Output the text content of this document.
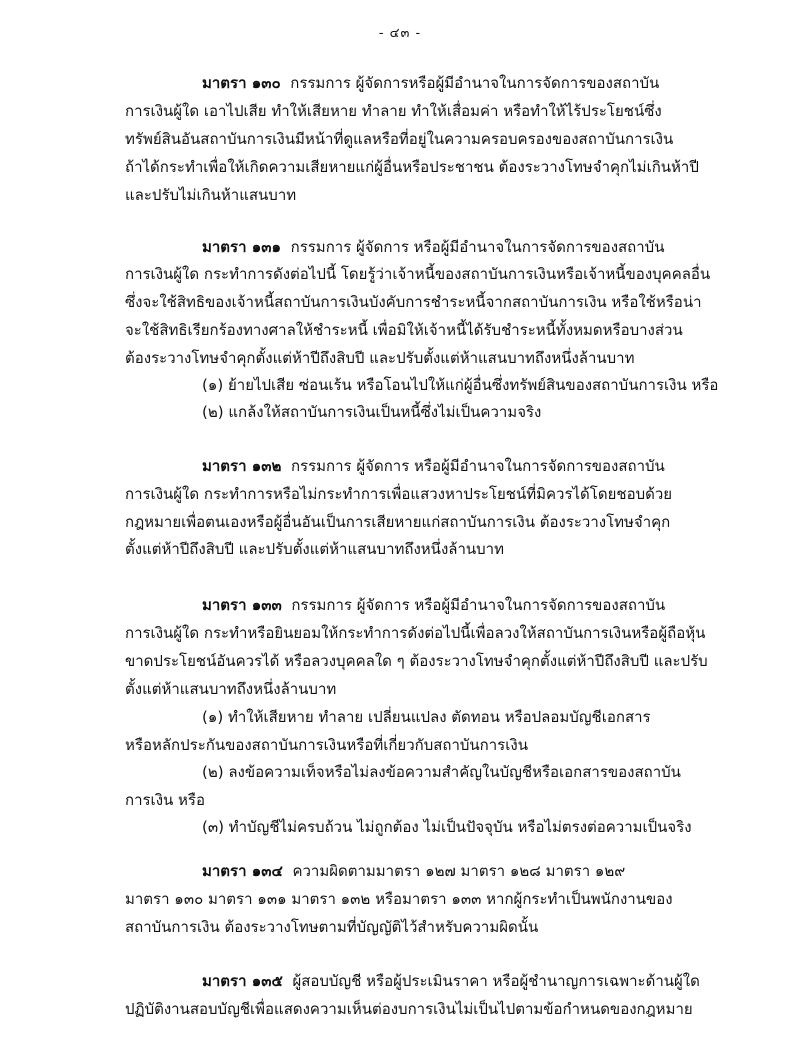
- ๔๓ -
มาตรา ๑๓๐ กรรมการ ผู้จัดการหรือผู้มีอำนาจในการจัดการของสถาบัน
การเงินผู้ใด เอาไปเสีย ทำให้เสียหาย ทำลาย ทำให้เสื่อมค่า หรือทำให้ไร้ประโยชน์ซึ่ง
ทรัพย์สินอันสถาบันการเงินมีหน้าที่ดูแลหรือที่อยู่ในความครอบครองของสถาบันการเงิน
ถ้าได้กระทำเพื่อให้เกิดความเสียหายแก่ผู้อื่นหรือประชาชน ต้องระวางโทษจำคุกไม่เกินห้าปี
และปรับไม่เกินห้าแสนบาท
มาตรา ๑๓๑ กรรมการ ผู้จัดการ หรือผู้มีอำนาจในการจัดการของสถาบัน
การเงินผู้ใด กระทำการดังต่อไปนี้ โดยรู้ว่าเจ้าหนี้ของสถาบันการเงินหรือเจ้าหนี้ของบุคคลอื่น
ซึ่งจะใช้สิทธิของเจ้าหนี้สถาบันการเงินบังคับการชำระหนี้จากสถาบันการเงิน หรือใช้หรือน่า
จะใช้สิทธิเรียกร้องทางศาลให้ชำระหนี้ เพื่อมิให้เจ้าหนี้ได้รับชำระหนี้ทั้งหมดหรือบางส่วน
ต้องระวางโทษจำคุกตั้งแต่ห้าปีถึงสิบปี และปรับตั้งแต่ห้าแสนบาทถึงหนึ่งล้านบาท
(๑) ย้ายไปเสีย ซ่อนเร้น หรือโอนไปให้แก่ผู้อื่นซึ่งทรัพย์สินของสถาบันการเงิน หรือ
(๒) แกล้งให้สถาบันการเงินเป็นหนี้ซึ่งไม่เป็นความจริง
มาตรา ๑๓๒ กรรมการ ผู้จัดการ หรือผู้มีอำนาจในการจัดการของสถาบัน
การเงินผู้ใด กระทำการหรือไม่กระทำการเพื่อแสวงหาประโยชน์ที่มิควรได้โดยชอบด้วย
กฎหมายเพื่อตนเองหรือผู้อื่นอันเป็นการเสียหายแก่สถาบันการเงิน ต้องระวางโทษจำคุก
ตั้งแต่ห้าปีถึงสิบปี และปรับตั้งแต่ห้าแสนบาทถึงหนึ่งล้านบาท
มาตรา ๑๓๓ กรรมการ ผู้จัดการ หรือผู้มีอำนาจในการจัดการของสถาบัน
การเงินผู้ใด กระทำหรือยินยอมให้กระทำการดังต่อไปนี้เพื่อลวงให้สถาบันการเงินหรือผู้ถือหุ้น
ขาดประโยชน์อันควรได้ หรือลวงบุคคลใด ๆ ต้องระวางโทษจำคุกตั้งแต่ห้าปีถึงสิบปี และปรับ
ตั้งแต่ห้าแสนบาทถึงหนึ่งล้านบาท
(๑) ทำให้เสียหาย ทำลาย เปลี่ยนแปลง ตัดทอน หรือปลอมบัญชีเอกสาร
หรือหลักประกันของสถาบันการเงินหรือที่เกี่ยวกับสถาบันการเงิน
(๒) ลงข้อความเท็จหรือไม่ลงข้อความสำคัญในบัญชีหรือเอกสารของสถาบัน
การเงิน หรือ
(๓) ทำบัญชีไม่ครบถ้วน ไม่ถูกต้อง ไม่เป็นปัจจุบัน หรือไม่ตรงต่อความเป็นจริง
มาตรา ๑๓๔ ความผิดตามมาตรา ๑๒๗ มาตรา ๑๒๘ มาตรา ๑๒๙
มาตรา ๑๓๐ มาตรา ๑๓๑ มาตรา ๑๓๒ หรือมาตรา ๑๓๓ หากผู้กระทำเป็นพนักงานของ
สถาบันการเงิน ต้องระวางโทษตามที่บัญญัติไว้สำหรับความผิดนั้น
มาตรา ๑๓๕ ผู้สอบบัญชี หรือผู้ประเมินราคา หรือผู้ชำนาญการเฉพาะด้านผู้ใด
ปฏิบัติงานสอบบัญชีเพื่อแสดงความเห็นต่องบการเงินไม่เป็นไปตามข้อกำหนดของกฎหมาย
